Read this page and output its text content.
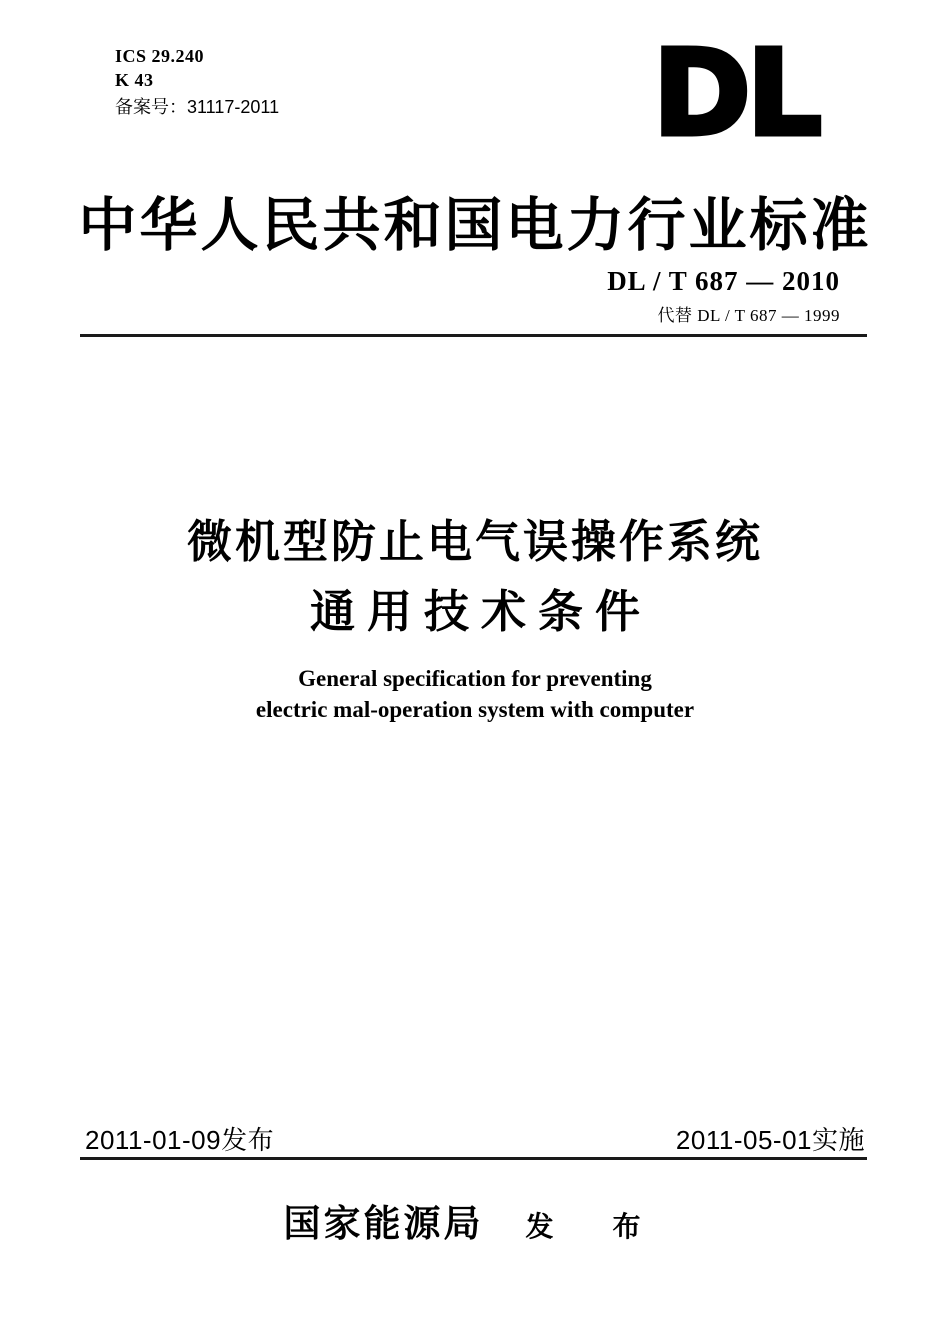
ICS 29.240
K 43
备案号：31117-2011	DL
中华人民共和国电力行业标准
DL / T 687 — 2010
代替 DL / T 687 — 1999
微机型防止电气误操作系统
通用技术条件
General specification for preventing
electric mal-operation system with computer
2011-01-09发布	2011-05-01实施
国家能源局 发 布
